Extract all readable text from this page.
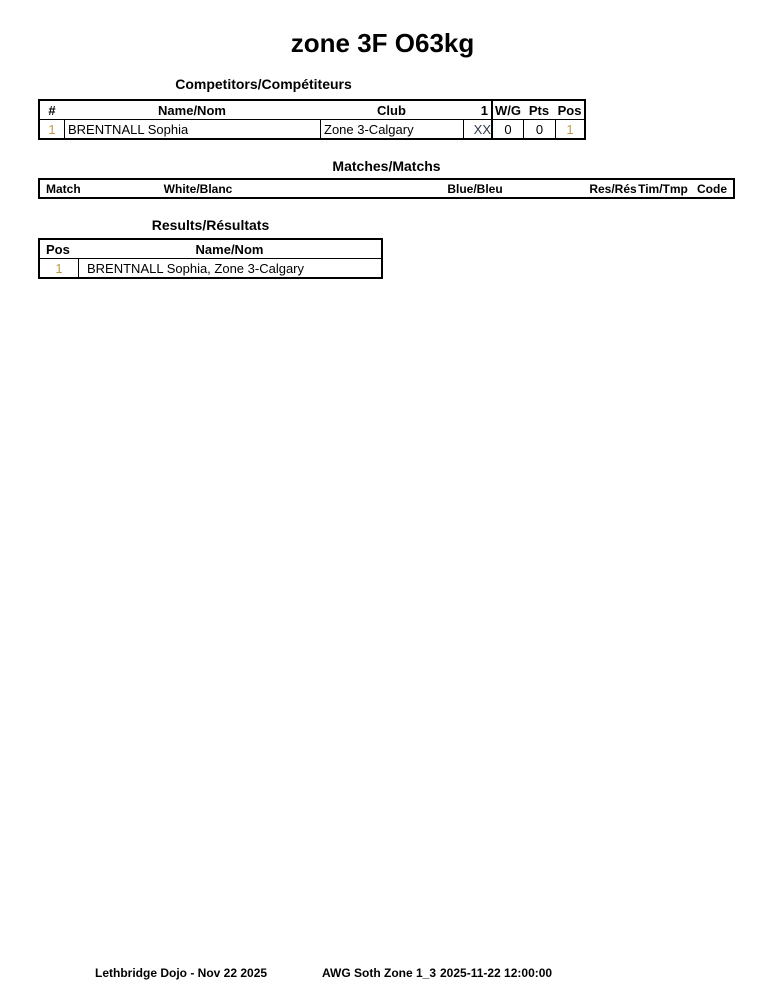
zone 3F O63kg
Competitors/Compétiteurs
#	Name/Nom	Club	1 W/G Pts Pos
1 BRENTNALL Sophia	Zone 3-Calgary	XX	0	0	1
Matches/Matchs
Match	White/Blanc	Blue/Bleu	Res/Rés Tim/Tmp Code
Results/Résultats
Pos	Name/Nom
1	BRENTNALL Sophia, Zone 3-Calgary
Lethbridge Dojo - Nov 22 2025	AWG Soth Zone 1_3 2025-11-22 12:00:00
